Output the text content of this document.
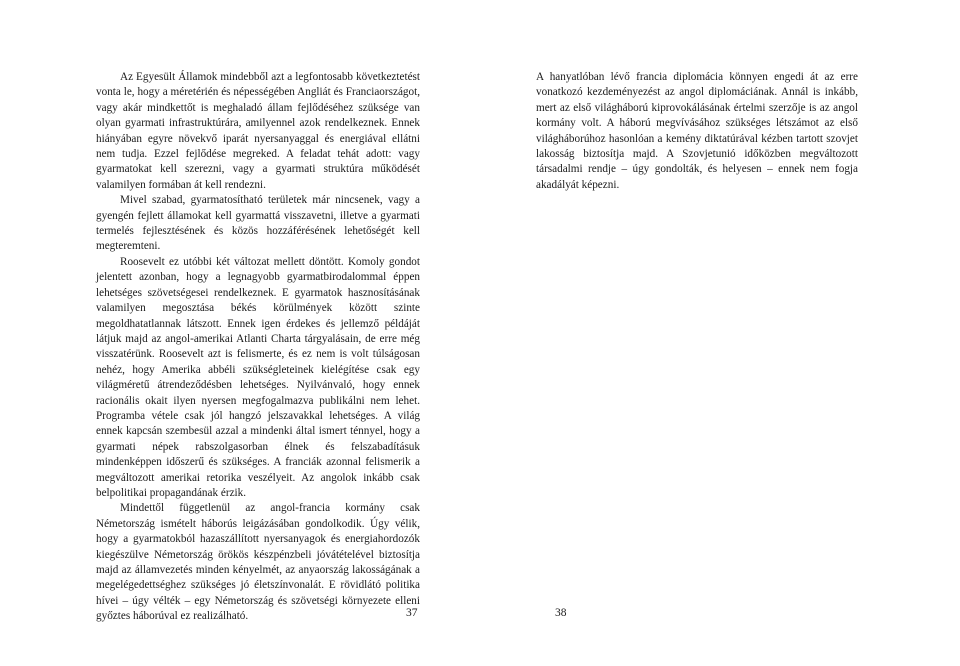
Az Egyesült Államok mindebből azt a legfontosabb következtetést vonta le, hogy a méretérién és népességében Angliát és Franciaországot, vagy akár mindkettőt is meghaladó állam fejlődéséhez szüksége van olyan gyarmati infrastruktúrára, amilyennel azok rendelkeznek. Ennek hiányában egyre növekvő iparát nyersanyaggal és energiával ellátni nem tudja. Ezzel fejlődése megreked. A feladat tehát adott: vagy gyarmatokat kell szerezni, vagy a gyarmati struktúra működését valamilyen formában át kell rendezni.

Mivel szabad, gyarmatosítható területek már nincsenek, vagy a gyengén fejlett államokat kell gyarmattá visszavetni, illetve a gyarmati termelés fejlesztésének és közös hozzáférésének lehetőségét kell megteremteni.

Roosevelt ez utóbbi két változat mellett döntött. Komoly gondot jelentett azonban, hogy a legnagyobb gyarmatbirodalommal éppen lehetséges szövetségesei rendelkeznek. E gyarmatok hasznosításának valamilyen megosztása békés körülmények között szinte megoldhatatlannak látszott. Ennek igen érdekes és jellemző példáját látjuk majd az angol-amerikai Atlanti Charta tárgyalásain, de erre még visszatérünk. Roosevelt azt is felismerte, és ez nem is volt túlságosan nehéz, hogy Amerika abbéli szükségleteinek kielégítése csak egy világméretű átrendeződésben lehetséges. Nyilvánvaló, hogy ennek racionális okait ilyen nyersen megfogalmazva publikálni nem lehet. Programba vétele csak jól hangzó jelszavakkal lehetséges. A világ ennek kapcsán szembesül azzal a mindenki által ismert ténnyel, hogy a gyarmati népek rabszolgasorban élnek és felszabadításuk mindenképpen időszerű és szükséges. A franciák azonnal felismerik a megváltozott amerikai retorika veszélyeit. Az angolok inkább csak belpolitikai propagandának érzik.

Mindettől függetlenül az angol-francia kormány csak Németország ismételt háborús leigázásában gondolkodik. Úgy vélik, hogy a gyarmatokból hazaszállított nyersanyagok és energiahordozók kiegészülve Németország örökös készpénzbeli jóvátételével biztosítja majd az államvezetés minden kényelmét, az anyaország lakosságának a megelégedettséghez szükséges jó életszínvonalát. E rövidlátó politika hívei – úgy vélték – egy Németország és szövetségi környezete elleni győztes háborúval ez realizálható.	37

A hanyatlóban lévő francia diplomácia könnyen engedi át az erre vonatkozó kezdeményezést az angol diplomáciának. Annál is inkább, mert az első világháború kiprovokálásának értelmi szerzője is az angol kormány volt. A háború megvívásához szükséges létszámot az első világháborúhoz hasonlóan a kemény diktatúrával kézben tartott szovjet lakosság biztosítja majd. A Szovjetunió időközben megváltozott társadalmi rendje – úgy gondolták, és helyesen – ennek nem fogja akadályát képezni.

38
